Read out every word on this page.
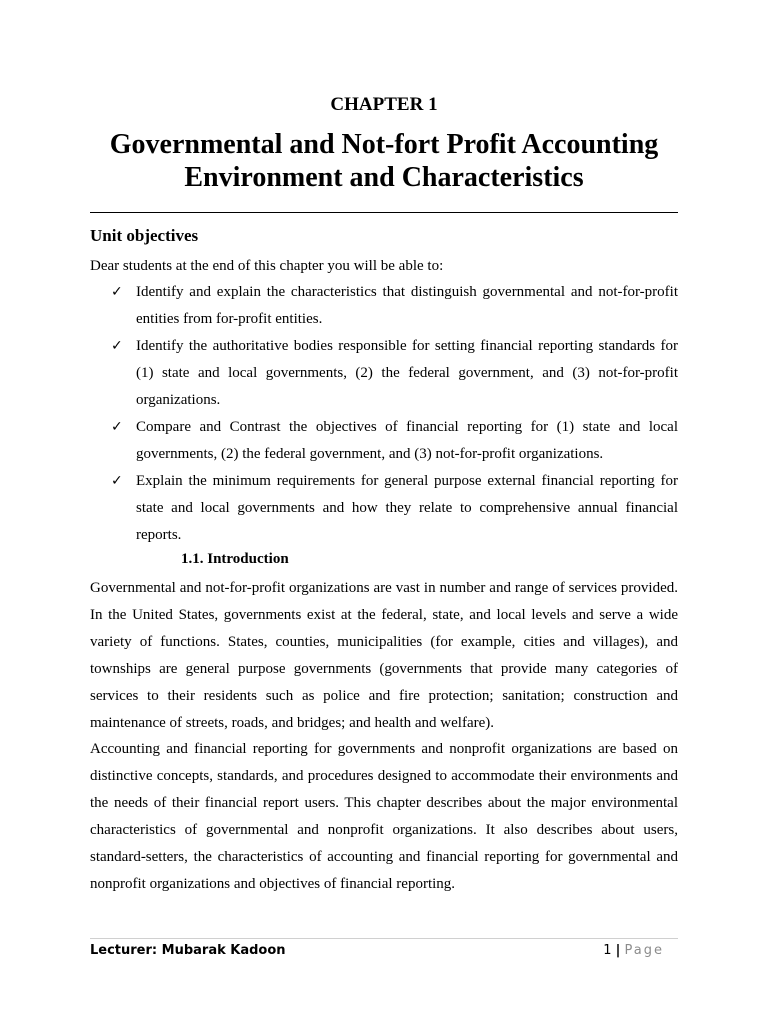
CHAPTER 1
Governmental and Not-fort Profit Accounting
Environment and Characteristics
Unit objectives
Dear students at the end of this chapter you will be able to:
✓ Identify and explain the characteristics that distinguish governmental and not-for-profit entities from for-profit entities.
✓ Identify the authoritative bodies responsible for setting financial reporting standards for (1) state and local governments, (2) the federal government, and (3) not-for-profit organizations.
✓ Compare and Contrast the objectives of financial reporting for (1) state and local governments, (2) the federal government, and (3) not-for-profit organizations.
✓ Explain the minimum requirements for general purpose external financial reporting for state and local governments and how they relate to comprehensive annual financial reports.
1.1. Introduction

Governmental and not-for-profit organizations are vast in number and range of services provided. In the United States, governments exist at the federal, state, and local levels and serve a wide variety of functions. States, counties, municipalities (for example, cities and villages), and townships are general purpose governments (governments that provide many categories of services to their residents such as police and fire protection; sanitation; construction and maintenance of streets, roads, and bridges; and health and welfare).

Accounting and financial reporting for governments and nonprofit organizations are based on distinctive concepts, standards, and procedures designed to accommodate their environments and the needs of their financial report users. This chapter describes about the major environmental characteristics of governmental and nonprofit organizations. It also describes about users, standard-setters, the characteristics of accounting and financial reporting for governmental and nonprofit organizations and objectives of financial reporting.

Lecturer: Mubarak Kadoon	1 | Page
